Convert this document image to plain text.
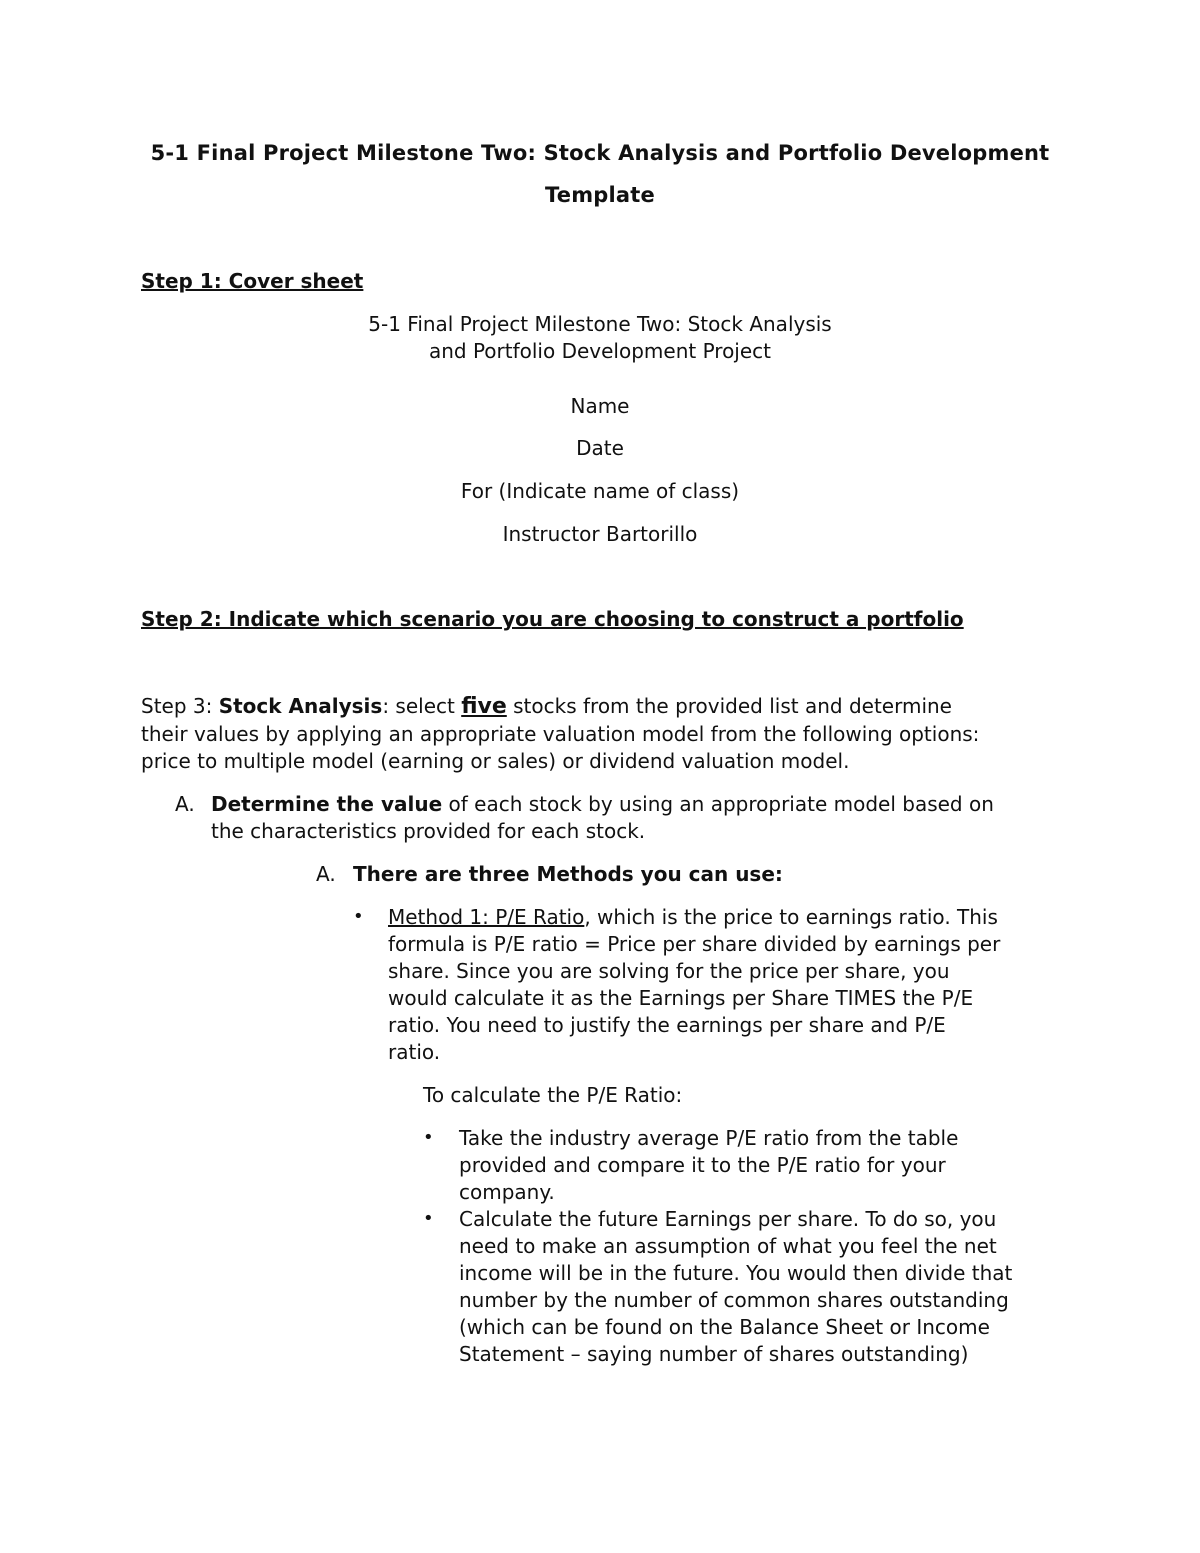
5-1 Final Project Milestone Two: Stock Analysis and Portfolio Development
Template
Step 1: Cover sheet
5-1 Final Project Milestone Two: Stock Analysis
and Portfolio Development Project
Name
Date
For (Indicate name of class)
Instructor Bartorillo
Step 2: Indicate which scenario you are choosing to construct a portfolio
Step 3: Stock Analysis: select five stocks from the provided list and determine
their values by applying an appropriate valuation model from the following options:
price to multiple model (earning or sales) or dividend valuation model.
A. Determine the value of each stock by using an appropriate model based on
the characteristics provided for each stock.
A. There are three Methods you can use:
• Method 1: P/E Ratio, which is the price to earnings ratio. This
formula is P/E ratio = Price per share divided by earnings per
share. Since you are solving for the price per share, you
would calculate it as the Earnings per Share TIMES the P/E
ratio. You need to justify the earnings per share and P/E
ratio.
To calculate the P/E Ratio:
• Take the industry average P/E ratio from the table
provided and compare it to the P/E ratio for your
company.
• Calculate the future Earnings per share. To do so, you
need to make an assumption of what you feel the net
income will be in the future. You would then divide that
number by the number of common shares outstanding
(which can be found on the Balance Sheet or Income
Statement – saying number of shares outstanding)
